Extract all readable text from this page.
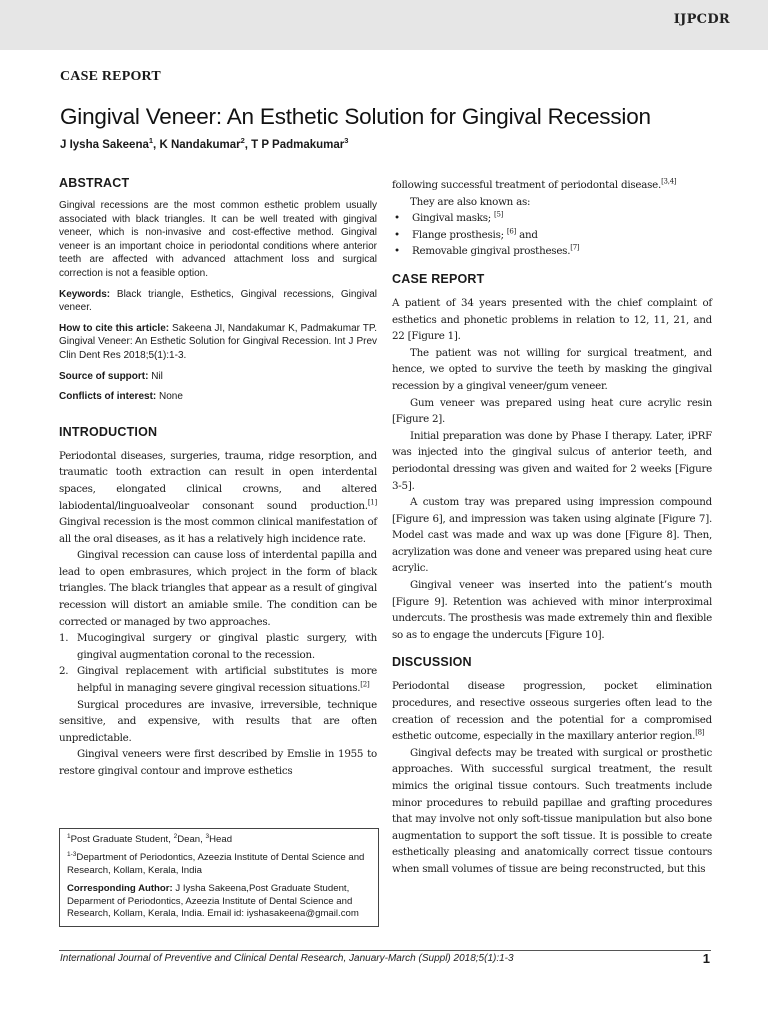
IJPCDR
CASE REPORT
Gingival Veneer: An Esthetic Solution for Gingival Recession
J Iysha Sakeena$^1$, K Nandakumar$^2$, T P Padmakumar$^3$
ABSTRACT

Gingival recessions are the most common esthetic problem usually associated with black triangles. It can be well treated with gingival veneer, which is non-invasive and cost-effective method. Gingival veneer is an important choice in periodontal conditions where anterior teeth are affected with advanced attachment loss and surgical correction is not a feasible option.

Keywords: Black triangle, Esthetics, Gingival recessions, Gingival veneer.

How to cite this article: Sakeena JI, Nandakumar K, Padmakumar TP. Gingival Veneer: An Esthetic Solution for Gingival Recession. Int J Prev Clin Dent Res 2018;5(1):1-3.

Source of support: Nil

Conflicts of interest: None

INTRODUCTION

Periodontal diseases, surgeries, trauma, ridge resorption, and traumatic tooth extraction can result in open interdental spaces, elongated clinical crowns, and altered labiodental/linguoalveolar consonant sound production.[1] Gingival recession is the most common clinical manifestation of all the oral diseases, as it has a relatively high incidence rate.

Gingival recession can cause loss of interdental papilla and lead to open embrasures, which project in the form of black triangles. The black triangles that appear as a result of gingival recession will distort an amiable smile. The condition can be corrected or managed by two approaches.

1. Mucogingival surgery or gingival plastic surgery, with gingival augmentation coronal to the recession.
2. Gingival replacement with artificial substitutes is more helpful in managing severe gingival recession situations.[2]

Surgical procedures are invasive, irreversible, technique sensitive, and expensive, with results that are often unpredictable.

Gingival veneers were first described by Emslie in 1955 to restore gingival contour and improve esthetics

following successful treatment of periodontal disease.[3,4]

They are also known as:

• Gingival masks; [5]
• Flange prosthesis; [6] and
• Removable gingival prostheses.[7]
CASE REPORT

A patient of 34 years presented with the chief complaint of esthetics and phonetic problems in relation to 12, 11, 21, and 22 [Figure 1].

The patient was not willing for surgical treatment, and hence, we opted to survive the teeth by masking the gingival recession by a gingival veneer/gum veneer.

Gum veneer was prepared using heat cure acrylic resin [Figure 2].

Initial preparation was done by Phase I therapy. Later, iPRF was injected into the gingival sulcus of anterior teeth, and periodontal dressing was given and waited for 2 weeks [Figure 3-5].

A custom tray was prepared using impression compound [Figure 6], and impression was taken using alginate [Figure 7]. Model cast was made and wax up was done [Figure 8]. Then, acrylization was done and veneer was prepared using heat cure acrylic.

Gingival veneer was inserted into the patient’s mouth [Figure 9]. Retention was achieved with minor interproximal undercuts. The prosthesis was made extremely thin and flexible so as to engage the undercuts [Figure 10].

DISCUSSION

Periodontal disease progression, pocket elimination procedures, and resective osseous surgeries often lead to the creation of recession and the potential for a compromised esthetic outcome, especially in the maxillary anterior region.[8]

Gingival defects may be treated with surgical or prosthetic approaches. With successful surgical treatment, the result mimics the original tissue contours. Such treatments include minor procedures to rebuild papillae and grafting procedures that may involve not only soft-tissue manipulation but also bone augmentation to support the soft tissue. It is possible to create esthetically pleasing and anatomically correct tissue contours when small volumes of tissue are being reconstructed, but this

$^1$Post Graduate Student, $^2$Dean, $^3$Head

$^{1-3}$Department of Periodontics, Azeezia Institute of Dental Science and Research, Kollam, Kerala, India

Corresponding Author: J Iysha Sakeena,Post Graduate Student, Deparment of Periodontics, Azeezia Institute of Dental Science and Research, Kollam, Kerala, India. Email id: iyshasakeena@gmail.com

International Journal of Preventive and Clinical Dental Research, January-March (Suppl) 2018;5(1):1-3	1
